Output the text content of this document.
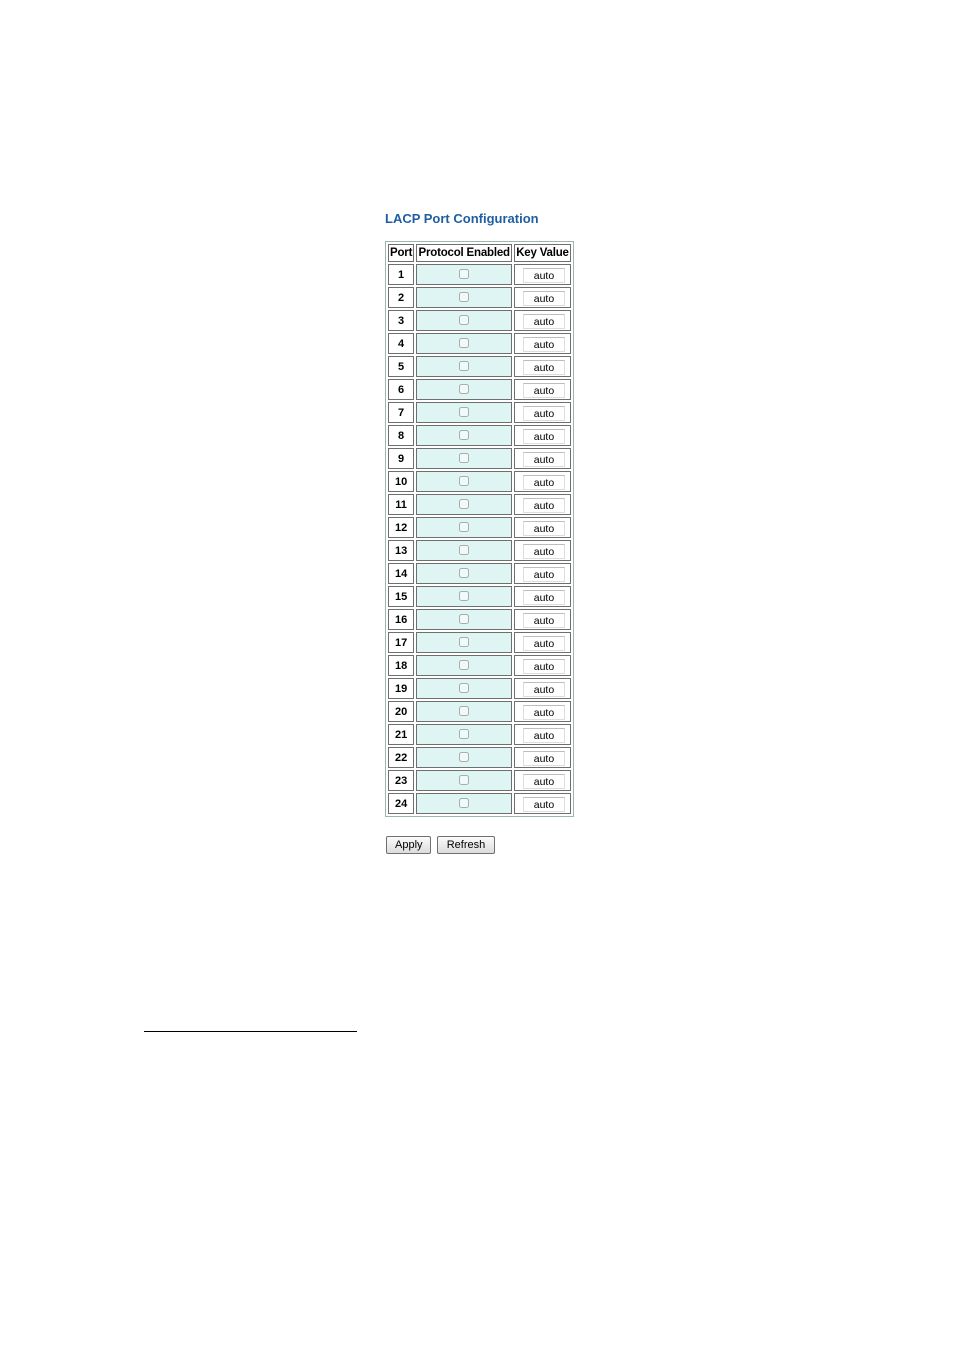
LACP Port Configuration
Port	Protocol Enabled	Key Value
1		auto
2		auto
3		auto
4		auto
5		auto
6		auto
7		auto
8		auto
9		auto
10		auto
11		auto
12		auto
13		auto
14		auto
15		auto
16		auto
17		auto
18		auto
19		auto
20		auto
21		auto
22		auto
23		auto
24		auto
Apply	Refresh
